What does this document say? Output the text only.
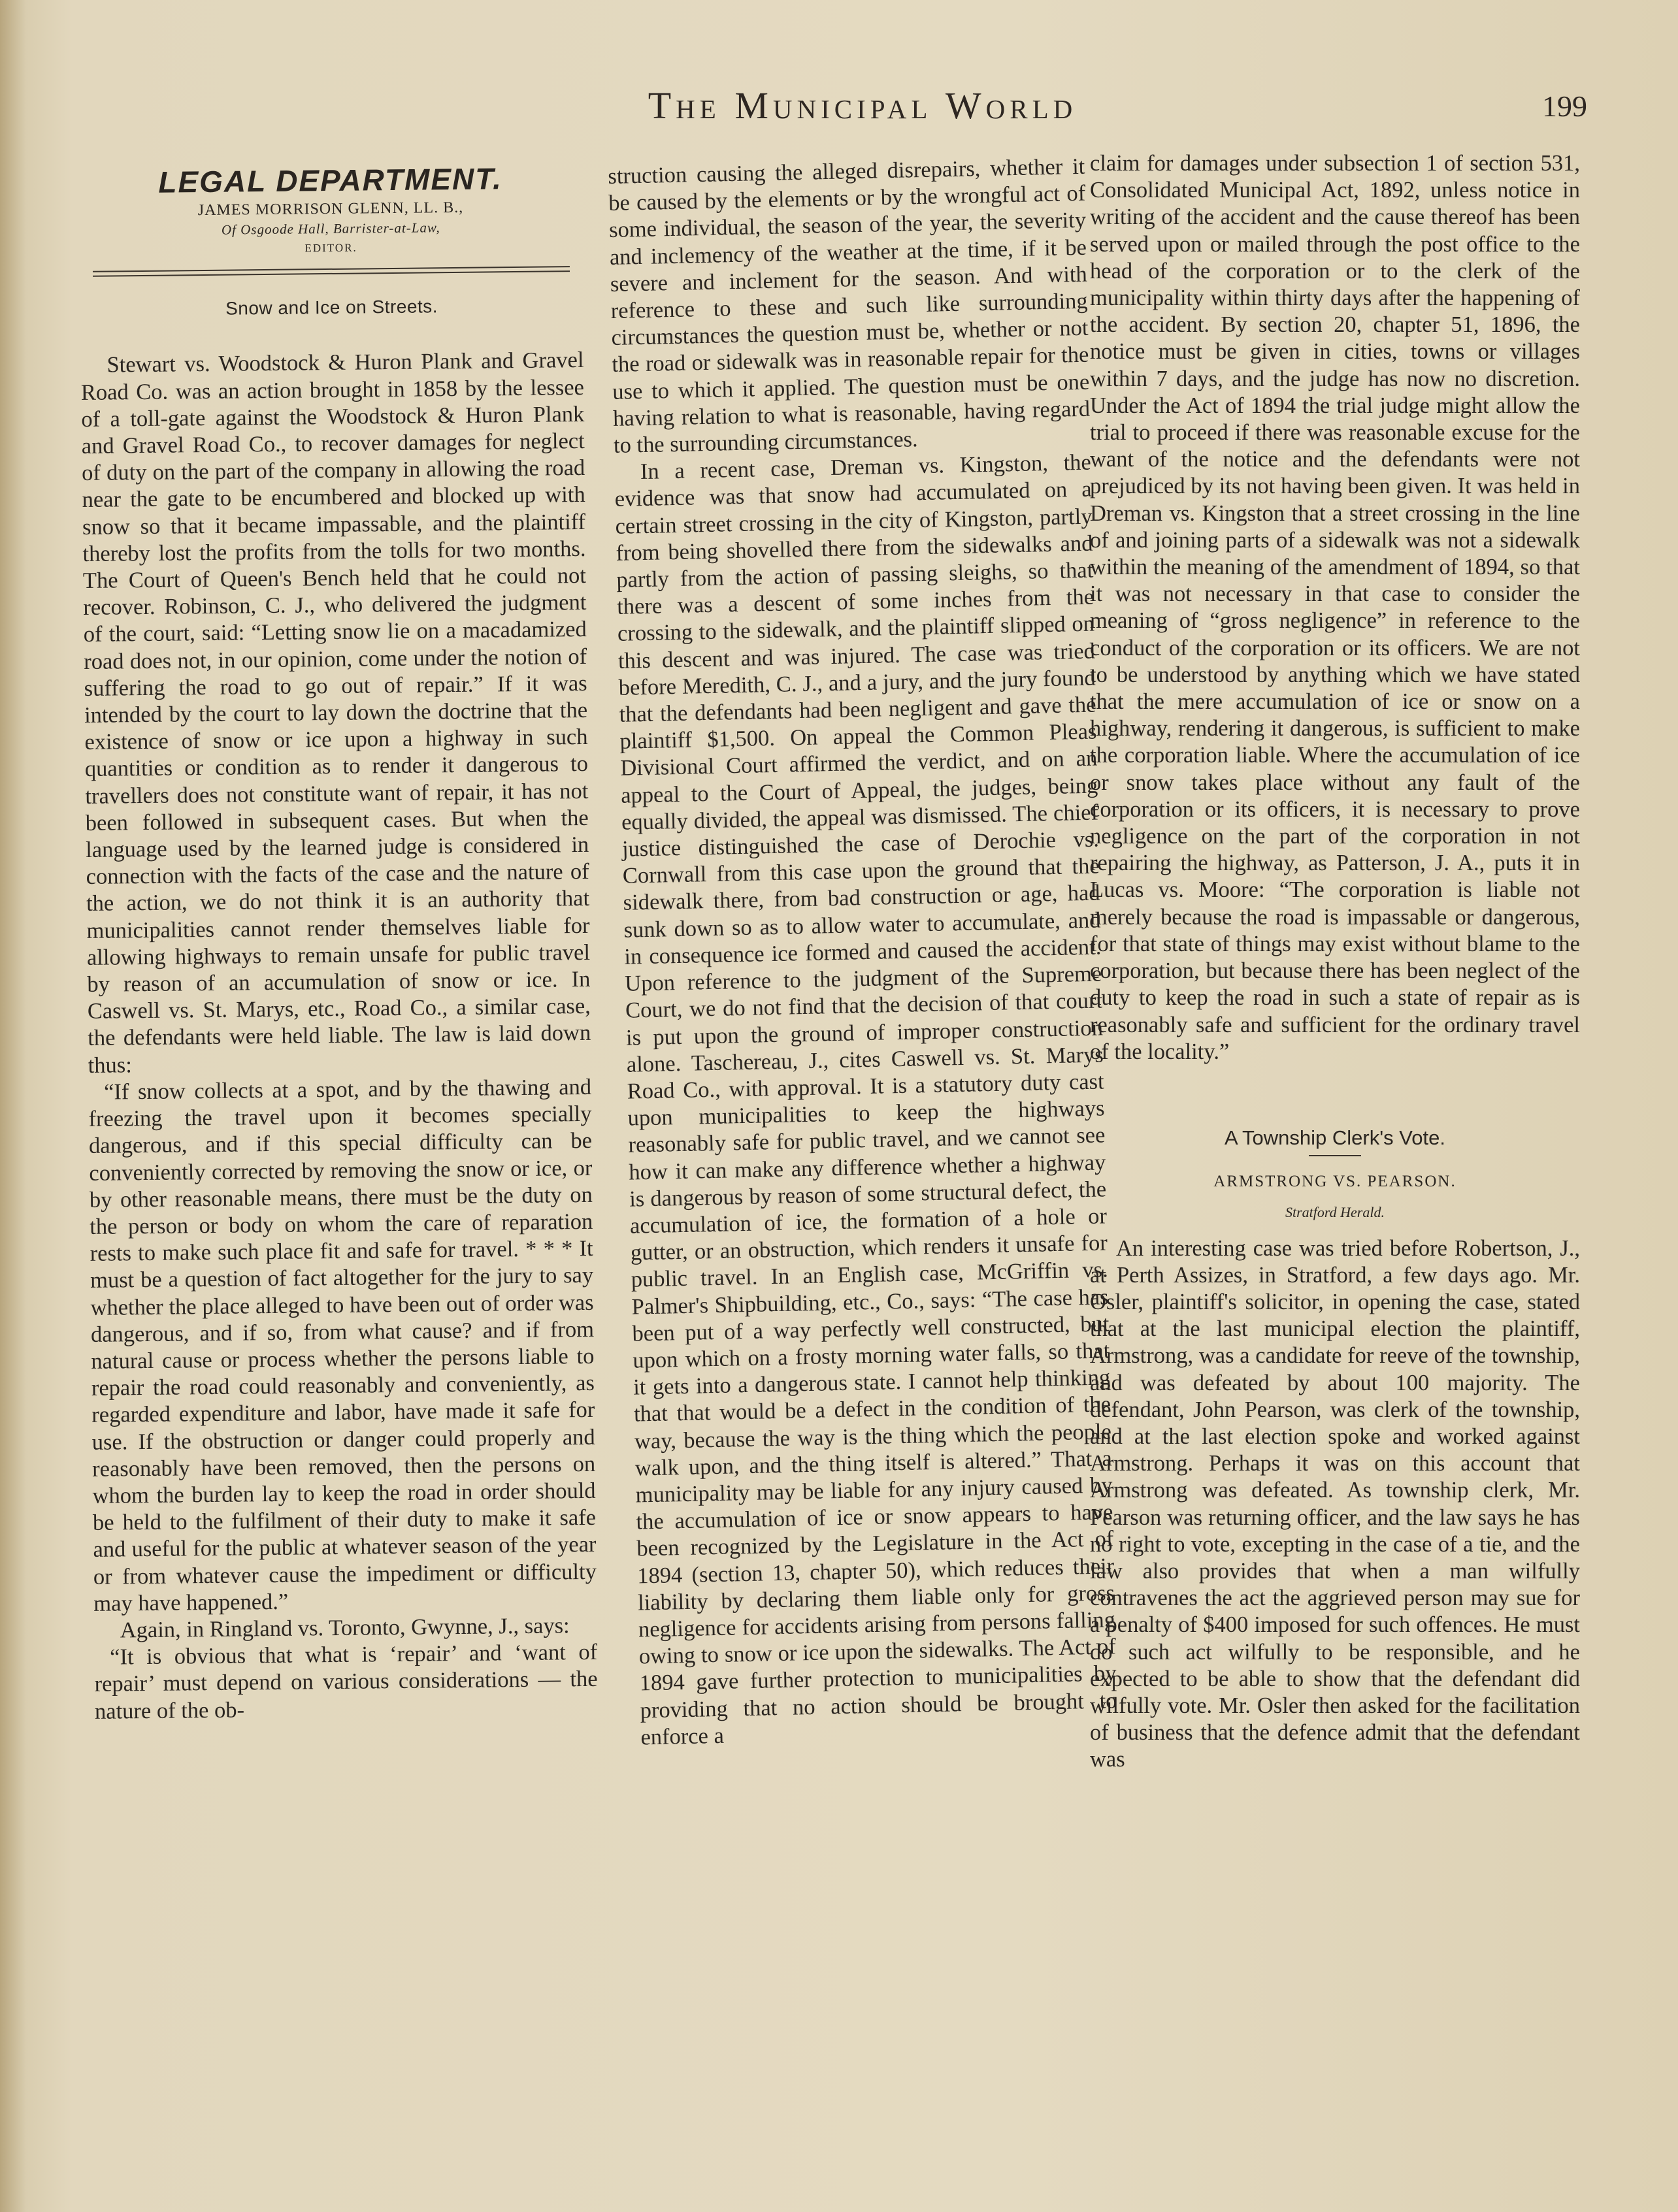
The Municipal World	199
LEGAL DEPARTMENT.

JAMES MORRISON GLENN, LL. B.,

Of Osgoode Hall, Barrister-at-Law,

EDITOR.

Snow and Ice on Streets.

Stewart vs. Woodstock & Huron Plank and Gravel Road Co. was an action brought in 1858 by the lessee of a toll-gate against the Woodstock & Huron Plank and Gravel Road Co., to recover damages for neglect of duty on the part of the company in allowing the road near the gate to be encumbered and blocked up with snow so that it became impassable, and the plaintiff thereby lost the profits from the tolls for two months. The Court of Queen's Bench held that he could not recover. Robinson, C. J., who delivered the judgment of the court, said: “Letting snow lie on a macadamized road does not, in our opinion, come under the notion of suffering the road to go out of repair.” If it was intended by the court to lay down the doctrine that the existence of snow or ice upon a highway in such quantities or condition as to render it dangerous to travellers does not constitute want of repair, it has not been followed in subsequent cases. But when the language used by the learned judge is considered in connection with the facts of the case and the nature of the action, we do not think it is an authority that municipalities cannot render themselves liable for allowing highways to remain unsafe for public travel by reason of an accumulation of snow or ice. In Caswell vs. St. Marys, etc., Road Co., a similar case, the defendants were held liable. The law is laid down thus:

“If snow collects at a spot, and by the thawing and freezing the travel upon it becomes specially dangerous, and if this special difficulty can be conveniently corrected by removing the snow or ice, or by other reasonable means, there must be the duty on the person or body on whom the care of reparation rests to make such place fit and safe for travel. * * * It must be a question of fact altogether for the jury to say whether the place alleged to have been out of order was dangerous, and if so, from what cause? and if from natural cause or process whether the persons liable to repair the road could reasonably and conveniently, as regarded expenditure and labor, have made it safe for use. If the obstruction or danger could properly and reasonably have been removed, then the persons on whom the burden lay to keep the road in order should be held to the fulfilment of their duty to make it safe and useful for the public at whatever season of the year or from whatever cause the impediment or difficulty may have happened.”

Again, in Ringland vs. Toronto, Gwynne, J., says:

“It is obvious that what is ‘repair’ and ‘want of repair’ must depend on various considerations — the nature of the ob-

struction causing the alleged disrepairs, whether it be caused by the elements or by the wrongful act of some individual, the season of the year, the severity and inclemency of the weather at the time, if it be severe and inclement for the season. And with reference to these and such like surrounding circumstances the question must be, whether or not the road or sidewalk was in reasonable repair for the use to which it applied. The question must be one having relation to what is reasonable, having regard to the surrounding circumstances.

In a recent case, Dreman vs. Kingston, the evidence was that snow had accumulated on a certain street crossing in the city of Kingston, partly from being shovelled there from the sidewalks and partly from the action of passing sleighs, so that there was a descent of some inches from the crossing to the sidewalk, and the plaintiff slipped on this descent and was injured. The case was tried before Meredith, C. J., and a jury, and the jury found that the defendants had been negligent and gave the plaintiff $1,500. On appeal the Common Pleas Divisional Court affirmed the verdict, and on an appeal to the Court of Appeal, the judges, being equally divided, the appeal was dismissed. The chief justice distinguished the case of Derochie vs. Cornwall from this case upon the ground that the sidewalk there, from bad construction or age, had sunk down so as to allow water to accumulate, and in consequence ice formed and caused the accident. Upon reference to the judgment of the Supreme Court, we do not find that the decision of that court is put upon the ground of improper construction alone. Taschereau, J., cites Caswell vs. St. Marys Road Co., with approval. It is a statutory duty cast upon municipalities to keep the highways reasonably safe for public travel, and we cannot see how it can make any difference whether a highway is dangerous by reason of some structural defect, the accumulation of ice, the formation of a hole or gutter, or an obstruction, which renders it unsafe for public travel. In an English case, McGriffin vs. Palmer's Shipbuilding, etc., Co., says: “The case has been put of a way perfectly well constructed, but upon which on a frosty morning water falls, so that it gets into a dangerous state. I cannot help thinking that that would be a defect in the condition of the way, because the way is the thing which the people walk upon, and the thing itself is altered.” That a municipality may be liable for any injury caused by the accumulation of ice or snow appears to have been recognized by the Legislature in the Act of 1894 (section 13, chapter 50), which reduces their liability by declaring them liable only for gross negligence for accidents arising from persons falling owing to snow or ice upon the sidewalks. The Act of 1894 gave further protection to municipalities by providing that no action should be brought to enforce a

claim for damages under subsection 1 of section 531, Consolidated Municipal Act, 1892, unless notice in writing of the accident and the cause thereof has been served upon or mailed through the post office to the head of the corporation or to the clerk of the municipality within thirty days after the happening of the accident. By section 20, chapter 51, 1896, the notice must be given in cities, towns or villages within 7 days, and the judge has now no discretion. Under the Act of 1894 the trial judge might allow the trial to proceed if there was reasonable excuse for the want of the notice and the defendants were not prejudiced by its not having been given. It was held in Dreman vs. Kingston that a street crossing in the line of and joining parts of a sidewalk was not a sidewalk within the meaning of the amendment of 1894, so that it was not necessary in that case to consider the meaning of “gross negligence” in reference to the conduct of the corporation or its officers. We are not to be understood by anything which we have stated that the mere accumulation of ice or snow on a highway, rendering it dangerous, is sufficient to make the corporation liable. Where the accumulation of ice or snow takes place without any fault of the corporation or its officers, it is necessary to prove negligence on the part of the corporation in not repairing the highway, as Patterson, J. A., puts it in Lucas vs. Moore: “The corporation is liable not merely because the road is impassable or dangerous, for that state of things may exist without blame to the corporation, but because there has been neglect of the duty to keep the road in such a state of repair as is reasonably safe and sufficient for the ordinary travel of the locality.”

A Township Clerk's Vote.
ARMSTRONG VS. PEARSON.
Stratford Herald.

An interesting case was tried before Robertson, J., at Perth Assizes, in Stratford, a few days ago. Mr. Osler, plaintiff's solicitor, in opening the case, stated that at the last municipal election the plaintiff, Armstrong, was a candidate for reeve of the township, and was defeated by about 100 majority. The defendant, John Pearson, was clerk of the township, and at the last election spoke and worked against Armstrong. Perhaps it was on this account that Armstrong was defeated. As township clerk, Mr. Pearson was returning officer, and the law says he has no right to vote, excepting in the case of a tie, and the law also provides that when a man wilfully contravenes the act the aggrieved person may sue for a penalty of $400 imposed for such offences. He must do such act wilfully to be responsible, and he expected to be able to show that the defendant did wilfully vote. Mr. Osler then asked for the facilitation of business that the defence admit that the defendant was
